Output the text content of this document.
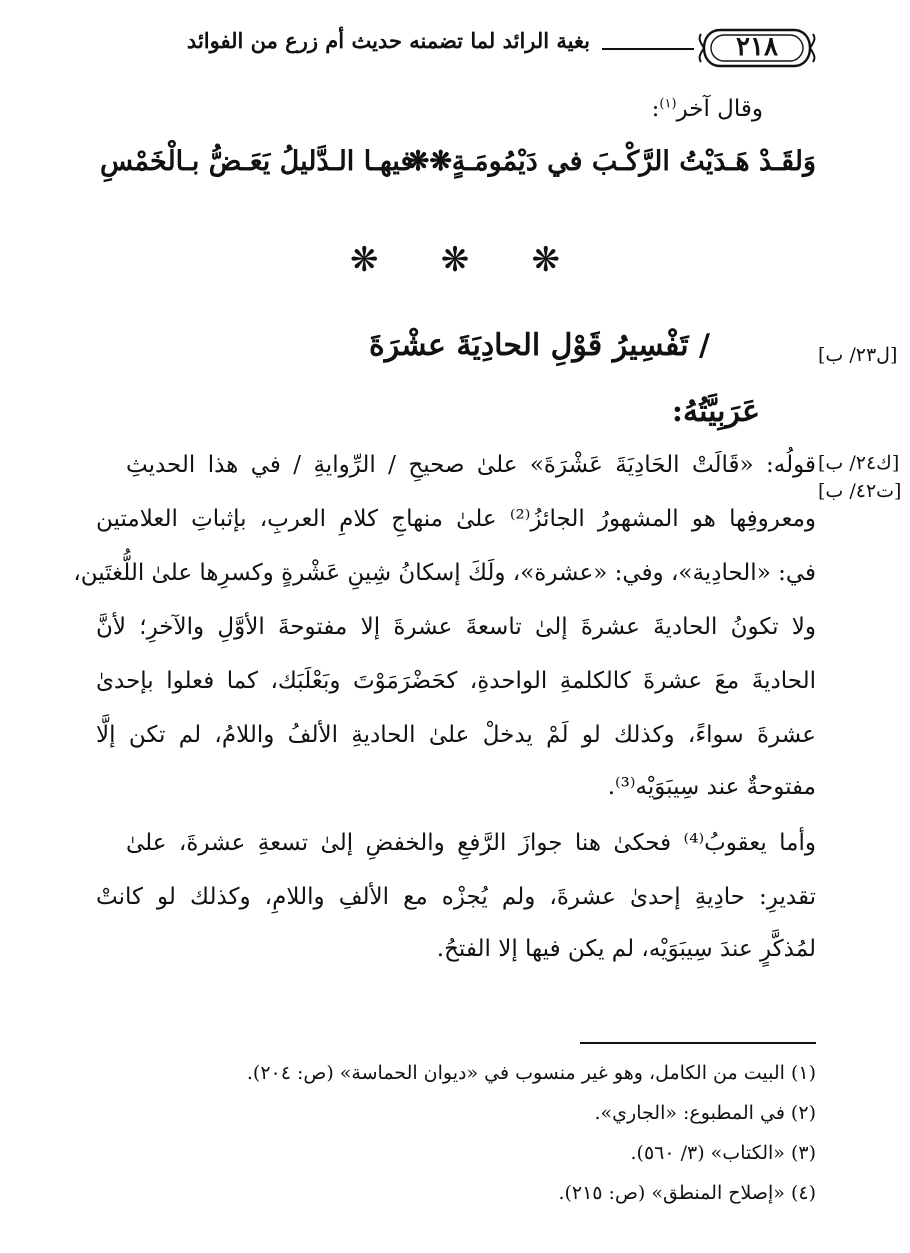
٢١٨
بغية الرائد لما تضمنه حديث أم زرع من الفوائد
وقال آخر$^{(١)}$:
وَلقَـدْ هَـدَيْتُ الرَّكْـبَ في دَيْمُومَـةٍ
❋❋
فيهـا الـدَّليلُ يَعَـضُّ بـالْخَمْسِ
❋ ❋ ❋
[ل٢٣/ ب]
/ تَفْسِيرُ قَوْلِ الحادِيَةَ عشْرَةَ
عَرَبِيَّتُهُ:
[ك٢٤/ ب]
[ت٤٢/ ب]
قولُه: «قَالَتْ الحَادِيَةَ عَشْرَةَ» علىٰ صحيحِ / الرِّوايةِ / في هذا الحديثِ
ومعروفِها هو المشهورُ الجائزُ⁽²⁾ علىٰ منهاجِ كلامِ العربِ، بإثباتِ العلامتين
في: «الحادِية»، وفي: «عشرة»، ولَكَ إسكانُ شِينِ عَشْرةٍ وكسرِها علىٰ اللُّغتَين،
ولا تكونُ الحاديةَ عشرةَ إلىٰ تاسعةَ عشرةَ إلا مفتوحةَ الأوَّلِ والآخرِ؛ لأنَّ
الحاديةَ معَ عشرةَ كالكلمةِ الواحدةِ، كحَضْرَمَوْتَ وبَعْلَبَك، كما فعلوا بإحدىٰ
عشرةَ سواءً، وكذلك لو لَمْ يدخلْ علىٰ الحاديةِ الألفُ واللامُ، لم تكن إلَّا
مفتوحةٌ عند سِيبَوَيْه⁽³⁾.
وأما يعقوبُ⁽⁴⁾ فحكىٰ هنا جوازَ الرَّفعِ والخفضِ إلىٰ تسعةِ عشرةَ، علىٰ
تقديرِ: حادِيةِ إحدىٰ عشرةَ، ولم يُجزْه مع الألفِ واللامِ، وكذلك لو كانتْ
لمُذكَّرٍ عندَ سِيبَوَيْه، لم يكن فيها إلا الفتحُ.
(١) البيت من الكامل، وهو غير منسوب في «ديوان الحماسة» (ص: ٢٠٤).
(٢) في المطبوع: «الجاري».
(٣) «الكتاب» (٣/ ٥٦٠).
(٤) «إصلاح المنطق» (ص: ٢١٥).
